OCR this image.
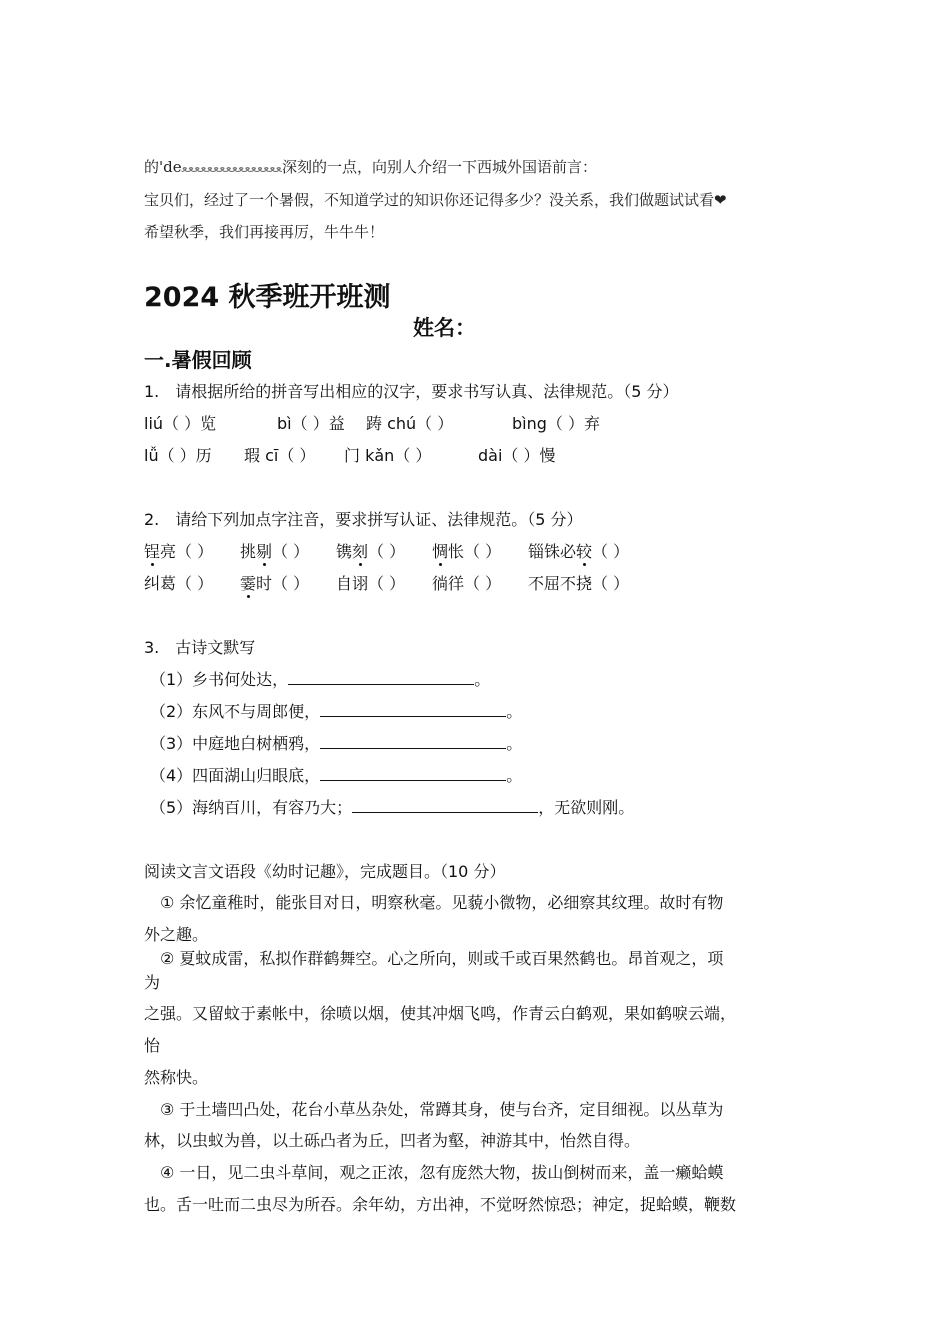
的'deﻌﻌﻌﻌﻌﻌﻌﻌﻌﻌﻌﻌﻌﻌﻌﻌ深刻的一点，向别人介绍一下西城外国语前言：
宝贝们，经过了一个暑假，不知道学过的知识你还记得多少？没关系，我们做题试试看❤
希望秋季，我们再接再厉，牛牛牛！
2024 秋季班开班测
姓名：
一.暑假回顾
1.　请根据所给的拼音写出相应的汉字，要求书写认真、法律规范。（5 分）
liú（ ）览	bì（ ）益 踌 chú（ ）	bìng（ ）弃
lǚ（ ）历 瑕 cī（ ） 门 kǎn（ ）	dài（ ）慢
2.　请给下列加点字注音，要求拼写认证、法律规范。（5 分）
锃亮（ ） 挑剔（ ） 镌刻（ ） 惆怅（ ） 锱铢必较（ ）
纠葛（ ） 霎时（ ） 自诩（ ） 徜徉（ ） 不屈不挠（ ）
3.　古诗文默写
（1）乡书何处达，	。
（2）东风不与周郎便，	。
（3）中庭地白树栖鸦，	。
（4）四面湖山归眼底，	。
（5）海纳百川，有容乃大；	，无欲则刚。
阅读文言文语段《幼时记趣》，完成题目。（10 分）
　① 余忆童稚时，能张目对日，明察秋毫。见藐小微物，必细察其纹理。故时有物
外之趣。
　② 夏蚊成雷，私拟作群鹤舞空。心之所向，则或千或百果然鹤也。昂首观之，项
为
之强。又留蚊于素帐中，徐喷以烟，使其冲烟飞鸣，作青云白鹤观，果如鹤唳云端，
怡
然称快。
　③ 于土墙凹凸处，花台小草丛杂处，常蹲其身，使与台齐，定目细视。以丛草为
林，以虫蚁为兽，以土砾凸者为丘，凹者为壑，神游其中，怡然自得。
　④ 一日，见二虫斗草间，观之正浓，忽有庞然大物，拔山倒树而来，盖一癞蛤蟆
也。舌一吐而二虫尽为所吞。余年幼，方出神，不觉呀然惊恐；神定，捉蛤蟆，鞭数
